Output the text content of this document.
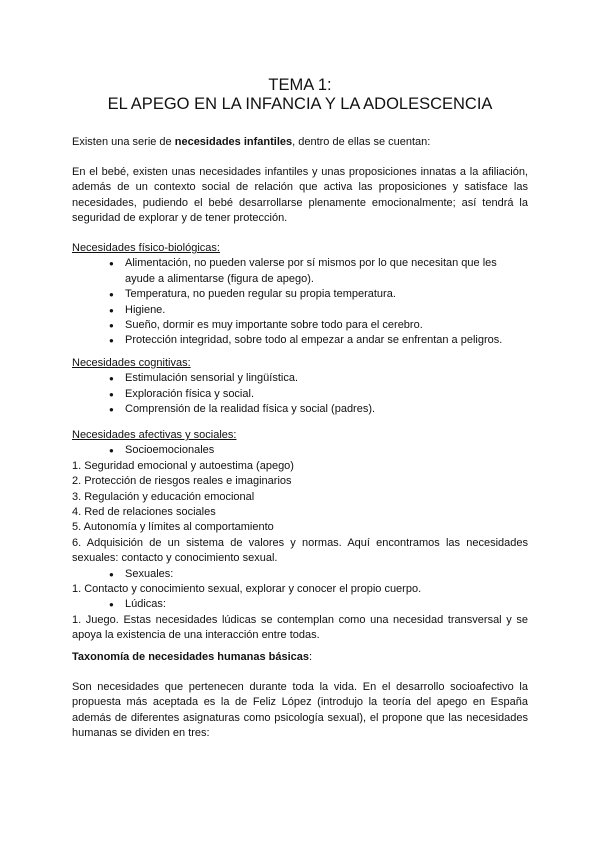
TEMA 1:
EL APEGO EN LA INFANCIA Y LA ADOLESCENCIA
Existen una serie de necesidades infantiles, dentro de ellas se cuentan:
En el bebé, existen unas necesidades infantiles y unas proposiciones innatas a la afiliación, además de un contexto social de relación que activa las proposiciones y satisface las necesidades, pudiendo el bebé desarrollarse plenamente emocionalmente; así tendrá la seguridad de explorar y de tener protección.
Necesidades físico-biológicas:
● Alimentación, no pueden valerse por sí mismos por lo que necesitan que les ayude a alimentarse (figura de apego).
● Temperatura, no pueden regular su propia temperatura.
● Higiene.
● Sueño, dormir es muy importante sobre todo para el cerebro.
● Protección integridad, sobre todo al empezar a andar se enfrentan a peligros.
Necesidades cognitivas:
● Estimulación sensorial y lingüística.
● Exploración física y social.
● Comprensión de la realidad física y social (padres).
Necesidades afectivas y sociales:
● Socioemocionales
1. Seguridad emocional y autoestima (apego)
2. Protección de riesgos reales e imaginarios
3. Regulación y educación emocional
4. Red de relaciones sociales
5. Autonomía y límites al comportamiento
6. Adquisición de un sistema de valores y normas. Aquí encontramos las necesidades sexuales: contacto y conocimiento sexual.
● Sexuales:
1. Contacto y conocimiento sexual, explorar y conocer el propio cuerpo.
● Lúdicas:
1. Juego. Estas necesidades lúdicas se contemplan como una necesidad transversal y se apoya la existencia de una interacción entre todas.
Taxonomía de necesidades humanas básicas:
Son necesidades que pertenecen durante toda la vida. En el desarrollo socioafectivo la propuesta más aceptada es la de Feliz López (introdujo la teoría del apego en España además de diferentes asignaturas como psicología sexual), el propone que las necesidades humanas se dividen en tres:
